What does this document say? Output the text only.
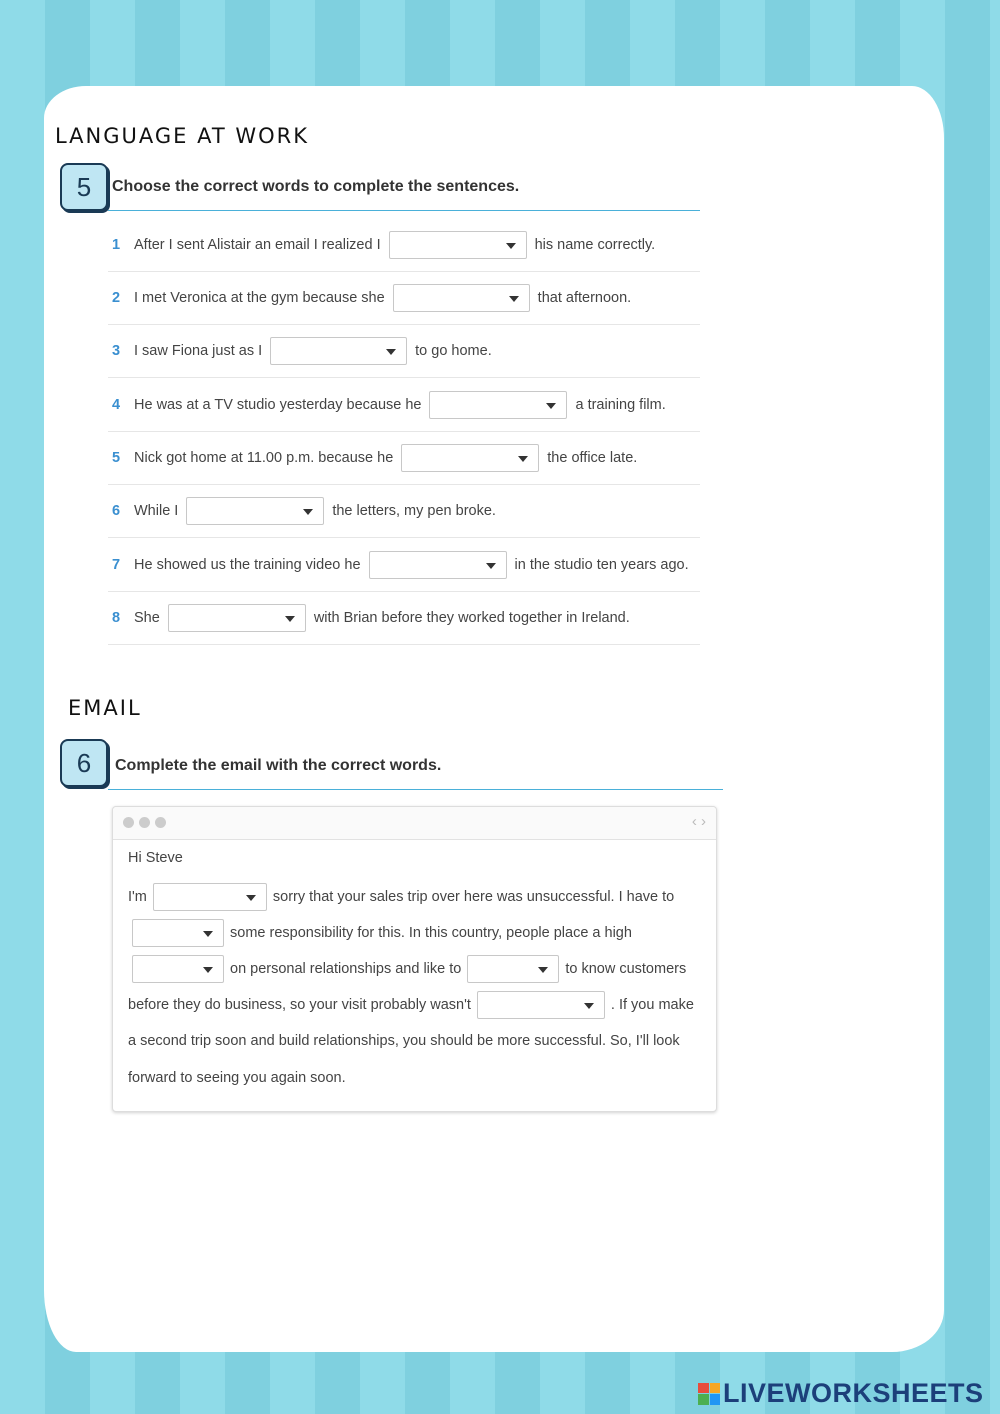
LANGUAGE AT WORK
5	Choose the correct words to complete the sentences.
1 After I sent Alistair an email I realized I	his name correctly.
2 I met Veronica at the gym because she	that afternoon.
3 I saw Fiona just as I	to go home.
4 He was at a TV studio yesterday because he	a training film.
5 Nick got home at 11.00 p.m. because he	the office late.
6 While I	the letters, my pen broke.
7 He showed us the training video he	in the studio ten years ago.
8 She	with Brian before they worked together in Ireland.
EMAIL
6	Complete the email with the correct words.
‹ ›
Hi Steve
I'm	sorry that your sales trip over here was unsuccessful. I have to
some responsibility for this. In this country, people place a high
on personal relationships and like to	to know customers
before they do business, so your visit probably wasn't	. If you make
a second trip soon and build relationships, you should be more successful. So, I'll look
forward to seeing you again soon.
LIVEWORKSHEETS
